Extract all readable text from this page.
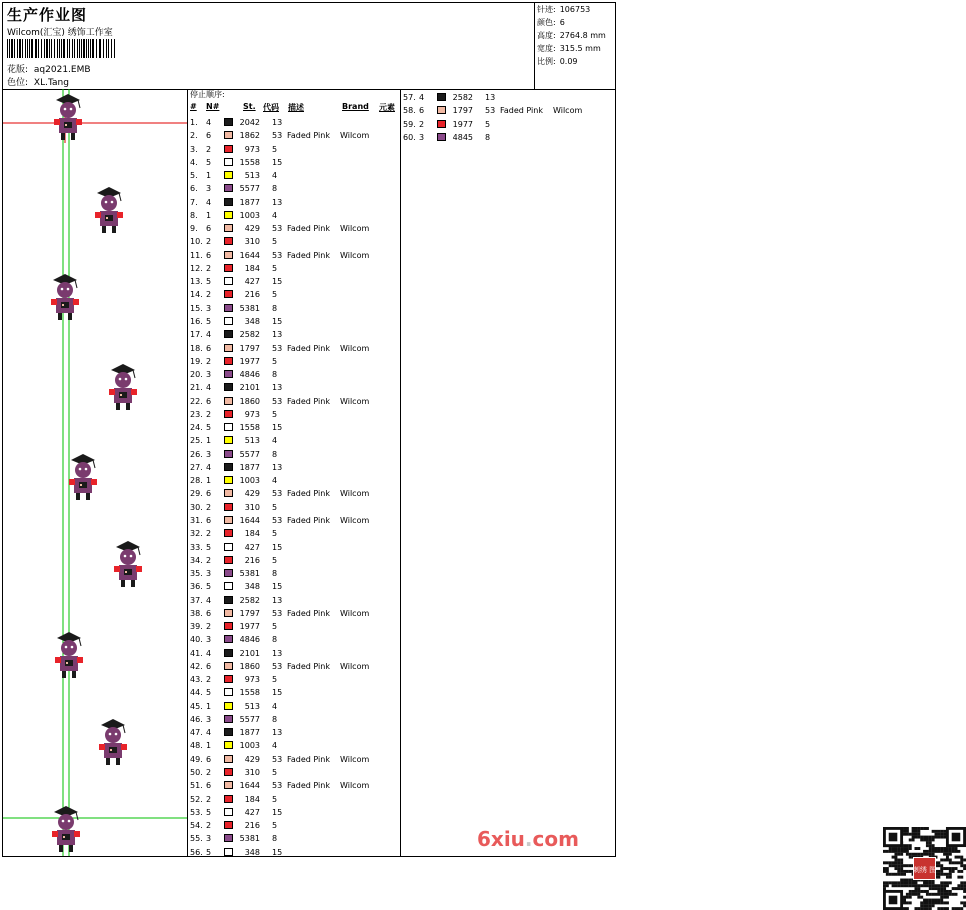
生产作业图
Wilcom(汇宝) 绣饰工作室
花版: aq2021.EMB
色位: XL.Tang
针迹: 106753
颜色: 6
高度: 2764.8 mm
宽度: 315.5 mm
比例: 0.09
停止顺序:
# N#	St. 代码 描述	Brand 元素
1.	4	2042 13
2.	6	1862 53 Faded Pink Wilcom
3.	2	973 5
4.	5	1558 15
5.	1	513 4
6.	3	5577 8
7.	4	1877 13
8.	1	1003 4
9.	6	429 53 Faded Pink Wilcom
10. 2	310 5
11. 6	1644 53 Faded Pink Wilcom
12. 2	184 5
13. 5	427 15
14. 2	216 5
15. 3	5381 8
16. 5	348 15
17. 4	2582 13
18. 6	1797 53 Faded Pink Wilcom
19. 2	1977 5
20. 3	4846 8
21. 4	2101 13
22. 6	1860 53 Faded Pink Wilcom
23. 2	973 5
24. 5	1558 15
25. 1	513 4
26. 3	5577 8
27. 4	1877 13
28. 1	1003 4
29. 6	429 53 Faded Pink Wilcom
30. 2	310 5
31. 6	1644 53 Faded Pink Wilcom
32. 2	184 5
33. 5	427 15
34. 2	216 5
35. 3	5381 8
36. 5	348 15
37. 4	2582 13
38. 6	1797 53 Faded Pink Wilcom
39. 2	1977 5
40. 3	4846 8
41. 4	2101 13
42. 6	1860 53 Faded Pink Wilcom
43. 2	973 5
44. 5	1558 15
45. 1	513 4
46. 3	5577 8
47. 4	1877 13
48. 1	1003 4
49. 6	429 53 Faded Pink Wilcom
50. 2	310 5
51. 6	1644 53 Faded Pink Wilcom
52. 2	184 5
53. 5	427 15
54. 2	216 5
55. 3	5381 8
56. 5	348 15
57. 4	2582 13
58. 6	1797 53 Faded Pink Wilcom
59. 2	1977 5
60. 3	4845 8
刺绣 图
6xiu.com
